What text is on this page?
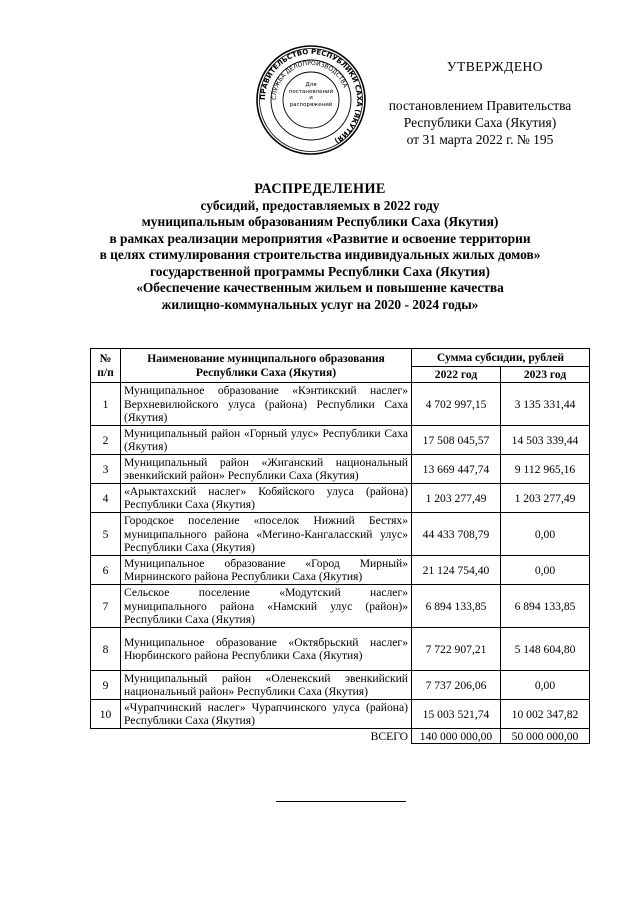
ПРАВИТЕЛЬСТВО РЕСПУБЛИКИ САХА (ЯКУТИЯ)
СЛУЖБА ДЕЛОПРОИЗВОДСТВА
Для постановлений и распоряжений
УТВЕРЖДЕНО
постановлением Правительства
Республики Саха (Якутия)
от 31 марта 2022 г. № 195
РАСПРЕДЕЛЕНИЕ
субсидий, предоставляемых в 2022 году
муниципальным образованиям Республики Саха (Якутия)
в рамках реализации мероприятия «Развитие и освоение территории
в целях стимулирования строительства индивидуальных жилых домов»
государственной программы Республики Саха (Якутия)
«Обеспечение качественным жильем и повышение качества
жилищно-коммунальных услуг на 2020 - 2024 годы»
№ п/п	Наименование муниципального образования Республики Саха (Якутия)	Сумма субсидии, рублей	
		2022 год	2023 год
1	Муниципальное образование «Кэнтикский наслег» Верхневилюйского улуса (района) Республики Саха (Якутия)	4 702 997,15	3 135 331,44
2	Муниципальный район «Горный улус» Республики Саха (Якутия)	17 508 045,57	14 503 339,44
3	Муниципальный район «Жиганский национальный эвенкийский район» Республики Саха (Якутия)	13 669 447,74	9 112 965,16
4	«Арыктахский наслег» Кобяйского улуса (района) Республики Саха (Якутия)	1 203 277,49	1 203 277,49
5	Городское поселение «поселок Нижний Бестях» муниципального района «Мегино-Кангаласский улус» Республики Саха (Якутия)	44 433 708,79	0,00
6	Муниципальное образование «Город Мирный» Мирнинского района Республики Саха (Якутия)	21 124 754,40	0,00
7	Сельское поселение «Модутский наслег» муниципального района «Намский улус (район)» Республики Саха (Якутия)	6 894 133,85	6 894 133,85
8	Муниципальное образование «Октябрьский наслег» Нюрбинского района Республики Саха (Якутия)	7 722 907,21	5 148 604,80
9	Муниципальный район «Оленекский эвенкийский национальный район» Республики Саха (Якутия)	7 737 206,06	0,00
10	«Чурапчинский наслег» Чурапчинского улуса (района) Республики Саха (Якутия)	15 003 521,74	10 002 347,82
ВСЕГО		140 000 000,00	50 000 000,00
